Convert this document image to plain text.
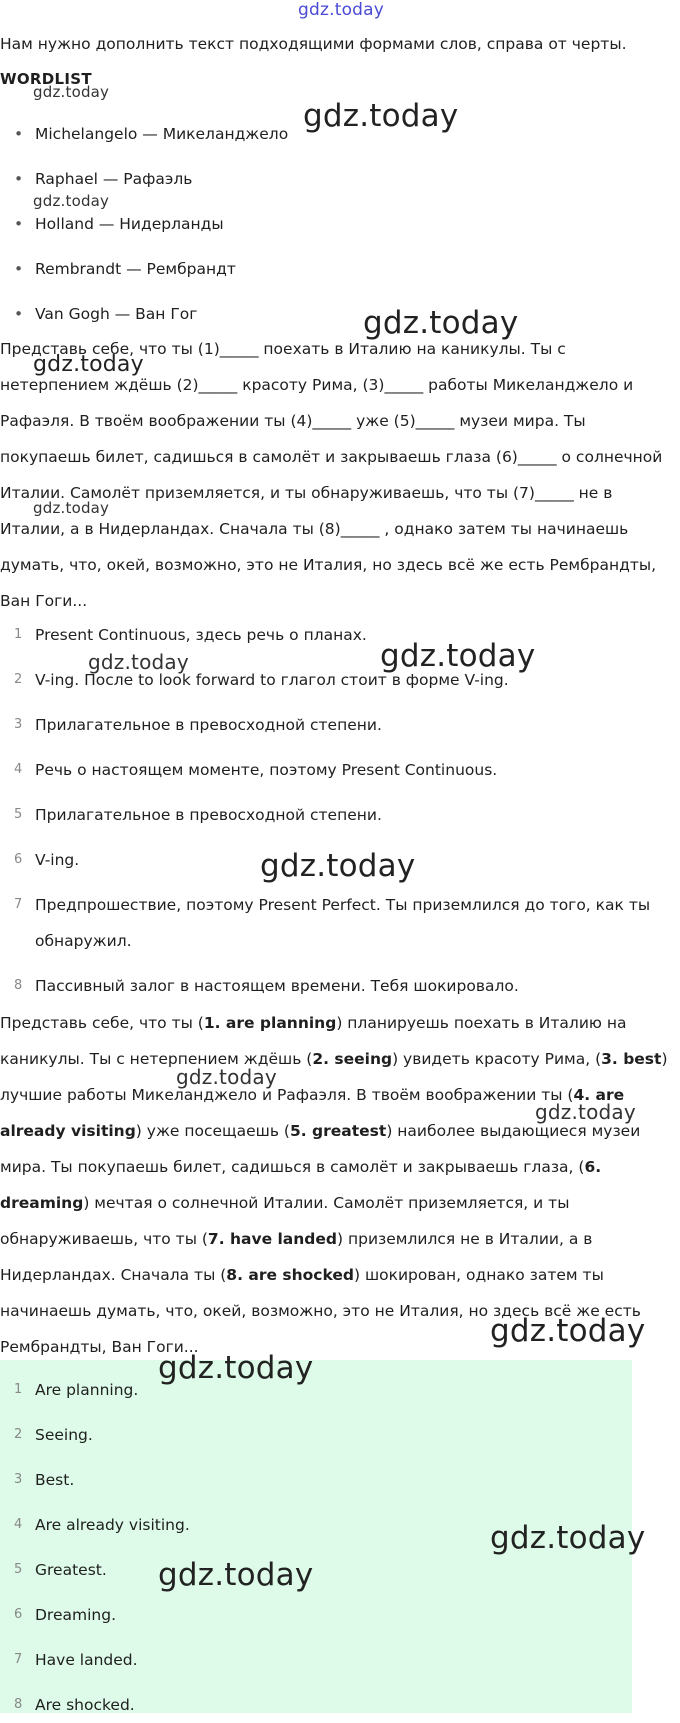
gdz.today
Нам нужно дополнить текст подходящими формами слов, справа от черты.
WORDLIST
gdz.today
• Michelangelo — Микеланджело
• Raphael — Рафаэль
• Holland — Нидерланды
• Rembrandt — Рембрандт
• Van Gogh — Ван Гог
gdz.today
gdz.today
gdz.today
Представь себе, что ты (1)_____ поехать в Италию на каникулы. Ты с нетерпением ждёшь (2)_____ красоту Рима, (3)_____ работы Микеланджело и Рафаэля. В твоём воображении ты (4)_____ уже (5)_____ музеи мира. Ты покупаешь билет, садишься в самолёт и закрываешь глаза (6)_____ о солнечной Италии. Самолёт приземляется, и ты обнаруживаешь, что ты (7)_____ не в Италии, а в Нидерландах. Сначала ты (8)_____ , однако затем ты начинаешь думать, что, окей, возможно, это не Италия, но здесь всё же есть Рембрандты, Ван Гоги...
gdz.today
gdz.today
1 Present Continuous, здесь речь о планах.
2 V-ing. После to look forward to глагол стоит в форме V-ing.
3 Прилагательное в превосходной степени.
4 Речь о настоящем моменте, поэтому Present Continuous.
5 Прилагательное в превосходной степени.
6 V-ing.
7 Предпрошествие, поэтому Present Perfect. Ты приземлился до того, как ты обнаружил.
8 Пассивный залог в настоящем времени. Тебя шокировало.
gdz.today
gdz.today
gdz.today
Представь себе, что ты (1. are planning) планируешь поехать в Италию на каникулы. Ты с нетерпением ждёшь (2. seeing) увидеть красоту Рима, (3. best) лучшие работы Микеланджело и Рафаэля. В твоём воображении ты (4. are already visiting) уже посещаешь (5. greatest) наиболее выдающиеся музеи мира. Ты покупаешь билет, садишься в самолёт и закрываешь глаза, (6. dreaming) мечтая о солнечной Италии. Самолёт приземляется, и ты обнаруживаешь, что ты (7. have landed) приземлился не в Италии, а в Нидерландах. Сначала ты (8. are shocked) шокирован, однако затем ты начинаешь думать, что, окей, возможно, это не Италия, но здесь всё же есть Рембрандты, Ван Гоги...
gdz.today
gdz.today
1 Are planning.
2 Seeing.
3 Best.
4 Are already visiting.
5 Greatest.
6 Dreaming.
7 Have landed.
8 Are shocked.
gdz.today
gdz.today
gdz.today
gdz.today
